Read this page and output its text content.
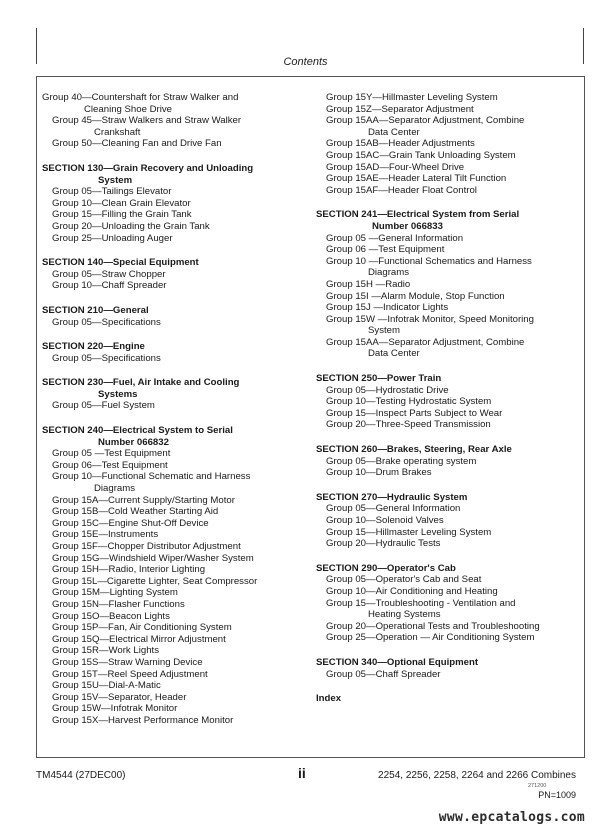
Contents
Group 40—Countershaft for Straw Walker and
Cleaning Shoe Drive
Group 45—Straw Walkers and Straw Walker
Crankshaft
Group 50—Cleaning Fan and Drive Fan
SECTION 130—Grain Recovery and Unloading
System
Group 05—Tailings Elevator
Group 10—Clean Grain Elevator
Group 15—Filling the Grain Tank
Group 20—Unloading the Grain Tank
Group 25—Unloading Auger
SECTION 140—Special Equipment
Group 05—Straw Chopper
Group 10—Chaff Spreader
SECTION 210—General
Group 05—Specifications
SECTION 220—Engine
Group 05—Specifications
SECTION 230—Fuel, Air Intake and Cooling
Systems
Group 05—Fuel System
SECTION 240—Electrical System to Serial
Number 066832
Group 05 —Test Equipment
Group 06—Test Equipment
Group 10—Functional Schematic and Harness
Diagrams
Group 15A—Current Supply/Starting Motor
Group 15B—Cold Weather Starting Aid
Group 15C—Engine Shut-Off Device
Group 15E—Instruments
Group 15F—Chopper Distributor Adjustment
Group 15G—Windshield Wiper/Washer System
Group 15H—Radio, Interior Lighting
Group 15L—Cigarette Lighter, Seat Compressor
Group 15M—Lighting System
Group 15N—Flasher Functions
Group 15O—Beacon Lights
Group 15P—Fan, Air Conditioning System
Group 15Q—Electrical Mirror Adjustment
Group 15R—Work Lights
Group 15S—Straw Warning Device
Group 15T—Reel Speed Adjustment
Group 15U—Dial-A-Matic
Group 15V—Separator, Header
Group 15W—Infotrak Monitor
Group 15X—Harvest Performance Monitor
Group 15Y—Hillmaster Leveling System
Group 15Z—Separator Adjustment
Group 15AA—Separator Adjustment, Combine
Data Center
Group 15AB—Header Adjustments
Group 15AC—Grain Tank Unloading System
Group 15AD—Four-Wheel Drive
Group 15AE—Header Lateral Tilt Function
Group 15AF—Header Float Control
SECTION 241—Electrical System from Serial
Number 066833
Group 05 —General Information
Group 06 —Test Equipment
Group 10 —Functional Schematics and Harness
Diagrams
Group 15H —Radio
Group 15I —Alarm Module, Stop Function
Group 15J —Indicator Lights
Group 15W —Infotrak Monitor, Speed Monitoring
System
Group 15AA—Separator Adjustment, Combine
Data Center
SECTION 250—Power Train
Group 05—Hydrostatic Drive
Group 10—Testing Hydrostatic System
Group 15—Inspect Parts Subject to Wear
Group 20—Three-Speed Transmission
SECTION 260—Brakes, Steering, Rear Axle
Group 05—Brake operating system
Group 10—Drum Brakes
SECTION 270—Hydraulic System
Group 05—General Information
Group 10—Solenoid Valves
Group 15—Hillmaster Leveling System
Group 20—Hydraulic Tests
SECTION 290—Operator's Cab
Group 05—Operator's Cab and Seat
Group 10—Air Conditioning and Heating
Group 15—Troubleshooting - Ventilation and
Heating Systems
Group 20—Operational Tests and Troubleshooting
Group 25—Operation — Air Conditioning System
SECTION 340—Optional Equipment
Group 05—Chaff Spreader
Index
TM4544 (27DEC00)	ii	2254, 2256, 2258, 2264 and 2266 Combines
271200
PN=1009
www.epcatalogs.com
